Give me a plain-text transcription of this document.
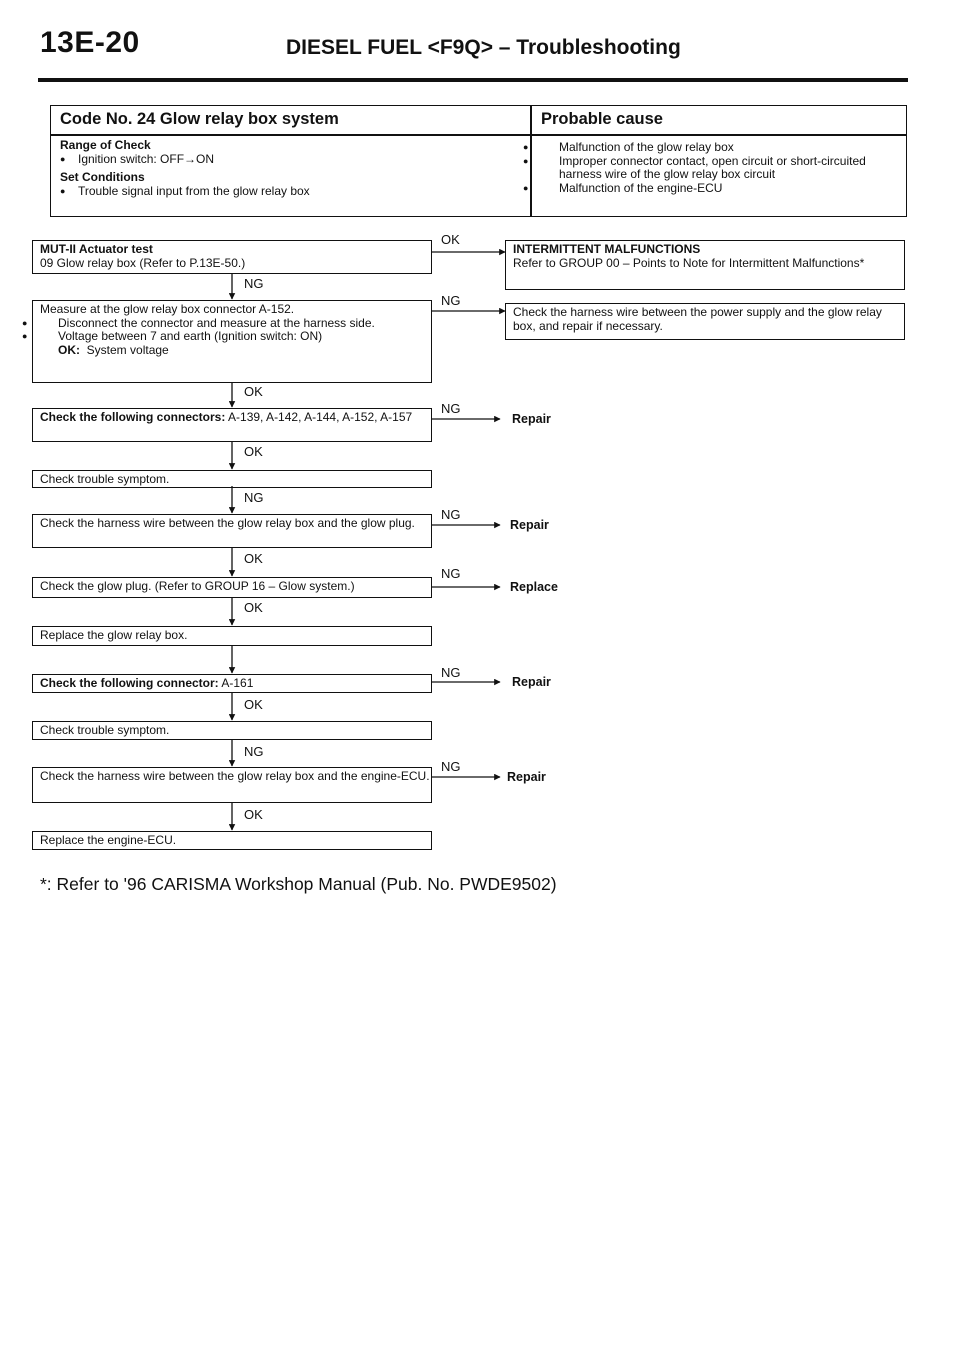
13E-20	DIESEL FUEL <F9Q> – Troubleshooting
Code No. 24 Glow relay box system	Probable cause
Range of Check
● Ignition switch: OFF→ON
Set Conditions
● Trouble signal input from the glow relay box
● Malfunction of the glow relay box
● Improper connector contact, open circuit or short-circuited harness wire of the glow relay box circuit
● Malfunction of the engine-ECU
MUT-II Actuator test
09 Glow relay box (Refer to P.13E-50.)
OK
INTERMITTENT MALFUNCTIONS
Refer to GROUP 00 – Points to Note for Intermittent Malfunctions*
NG
Measure at the glow relay box connector A-152.
● Disconnect the connector and measure at the harness side.
● Voltage between 7 and earth (Ignition switch: ON)
OK: System voltage
NG
Check the harness wire between the power supply and the glow relay box, and repair if necessary.
OK
Check the following connectors: A-139, A-142, A-144, A-152, A-157
NG
Repair
OK
Check trouble symptom.
NG
Check the harness wire between the glow relay box and the glow plug.
NG
Repair
OK
Check the glow plug. (Refer to GROUP 16 – Glow system.)
NG
Replace
OK
Replace the glow relay box.
Check the following connector: A-161
NG
Repair
OK
Check trouble symptom.
NG
Check the harness wire between the glow relay box and the engine-ECU.
NG
Repair
OK
Replace the engine-ECU.
*: Refer to '96 CARISMA Workshop Manual (Pub. No. PWDE9502)
